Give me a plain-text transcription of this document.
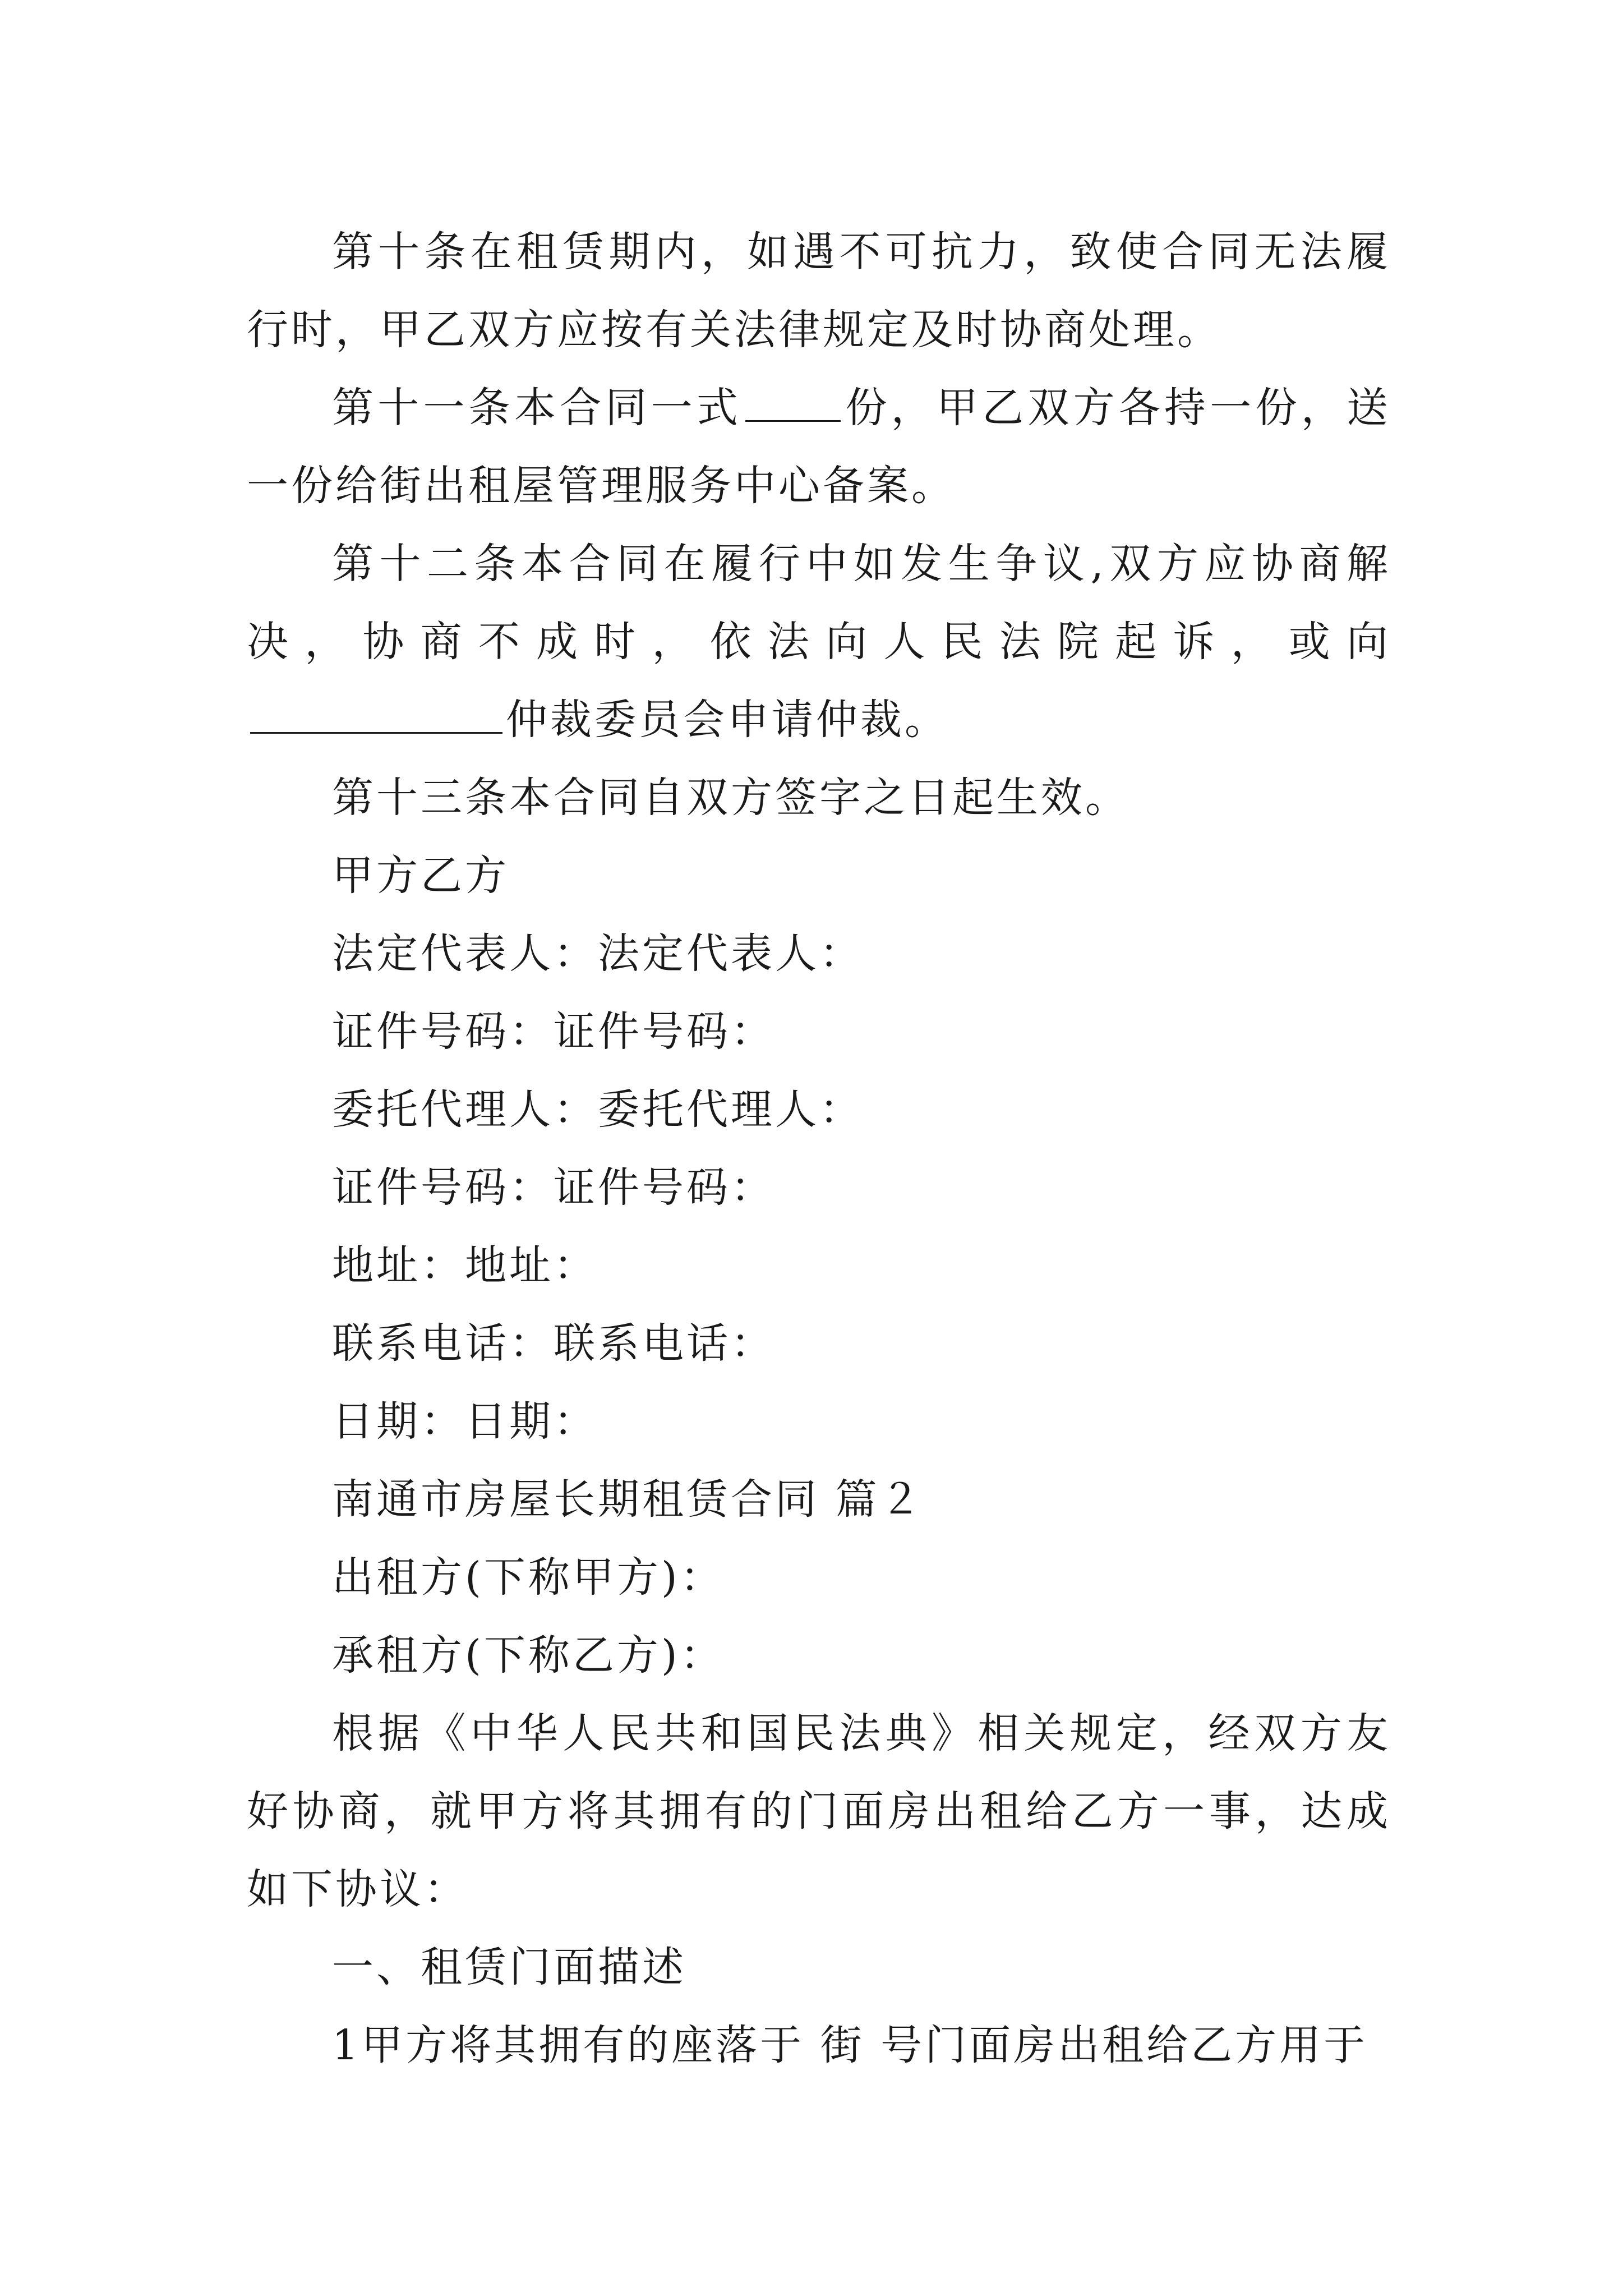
第十条在租赁期内，如遇不可抗力，致使合同无法履行时，甲乙双方应按有关法律规定及时协商处理。

第十一条本合同一式 份，甲乙双方各持一份，送一份给街出租屋管理服务中心备案。

第十二条本合同在履行中如发生争议,双方应协商解决，协商不成时，依法向人民法院起诉，或向仲裁委员会申请仲裁。

第十三条本合同自双方签字之日起生效。

甲方乙方

法定代表人：法定代表人：

证件号码：证件号码：

委托代理人：委托代理人：

证件号码：证件号码：

地址：地址：

联系电话：联系电话：

日期：日期：

南通市房屋长期租赁合同 篇２

出租方(下称甲方)：

承租方(下称乙方)：

根据《中华人民共和国民法典》相关规定，经双方友好协商，就甲方将其拥有的门面房出租给乙方一事，达成如下协议：

一、租赁门面描述

1甲方将其拥有的座落于 街 号门面房出租给乙方用于
